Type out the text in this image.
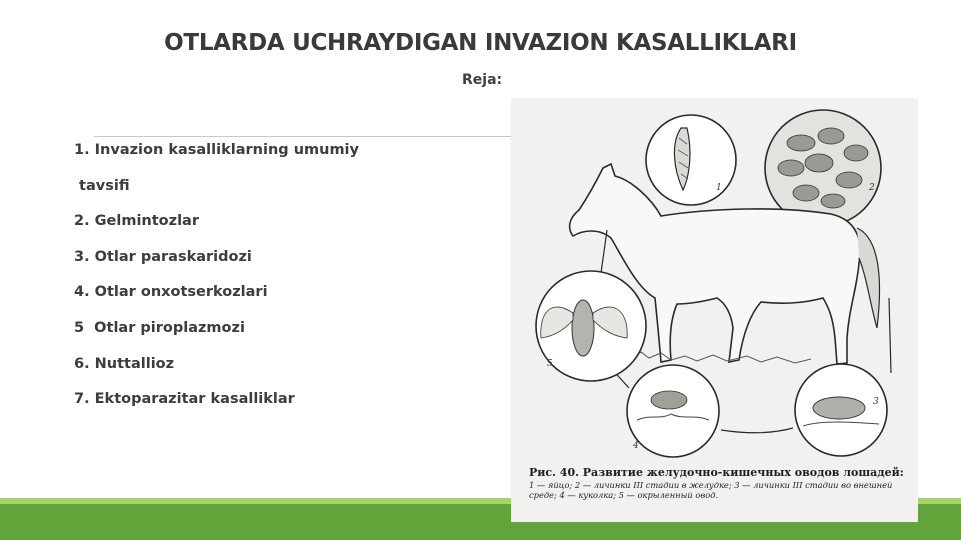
OTLARDA UCHRAYDIGAN INVAZION KASALLIKLARI
Reja:
1. Invazion kasalliklarning umumiy
tavsifi
2. Gelmintozlar
3. Otlar paraskaridozi
4. Otlar onxotserkozlari
5  Otlar piroplazmozi
6. Nuttallioz
7. Ektoparazitar kasalliklar
1	2
5
4
3
Рис. 40. Развитие желудочно-кишечных оводов лошадей:
1 — яйцо; 2 — личинки III стадии в желудке; 3 — личинки III стадии во внешней среде; 4 — куколка; 5 — окрыленный овод.
